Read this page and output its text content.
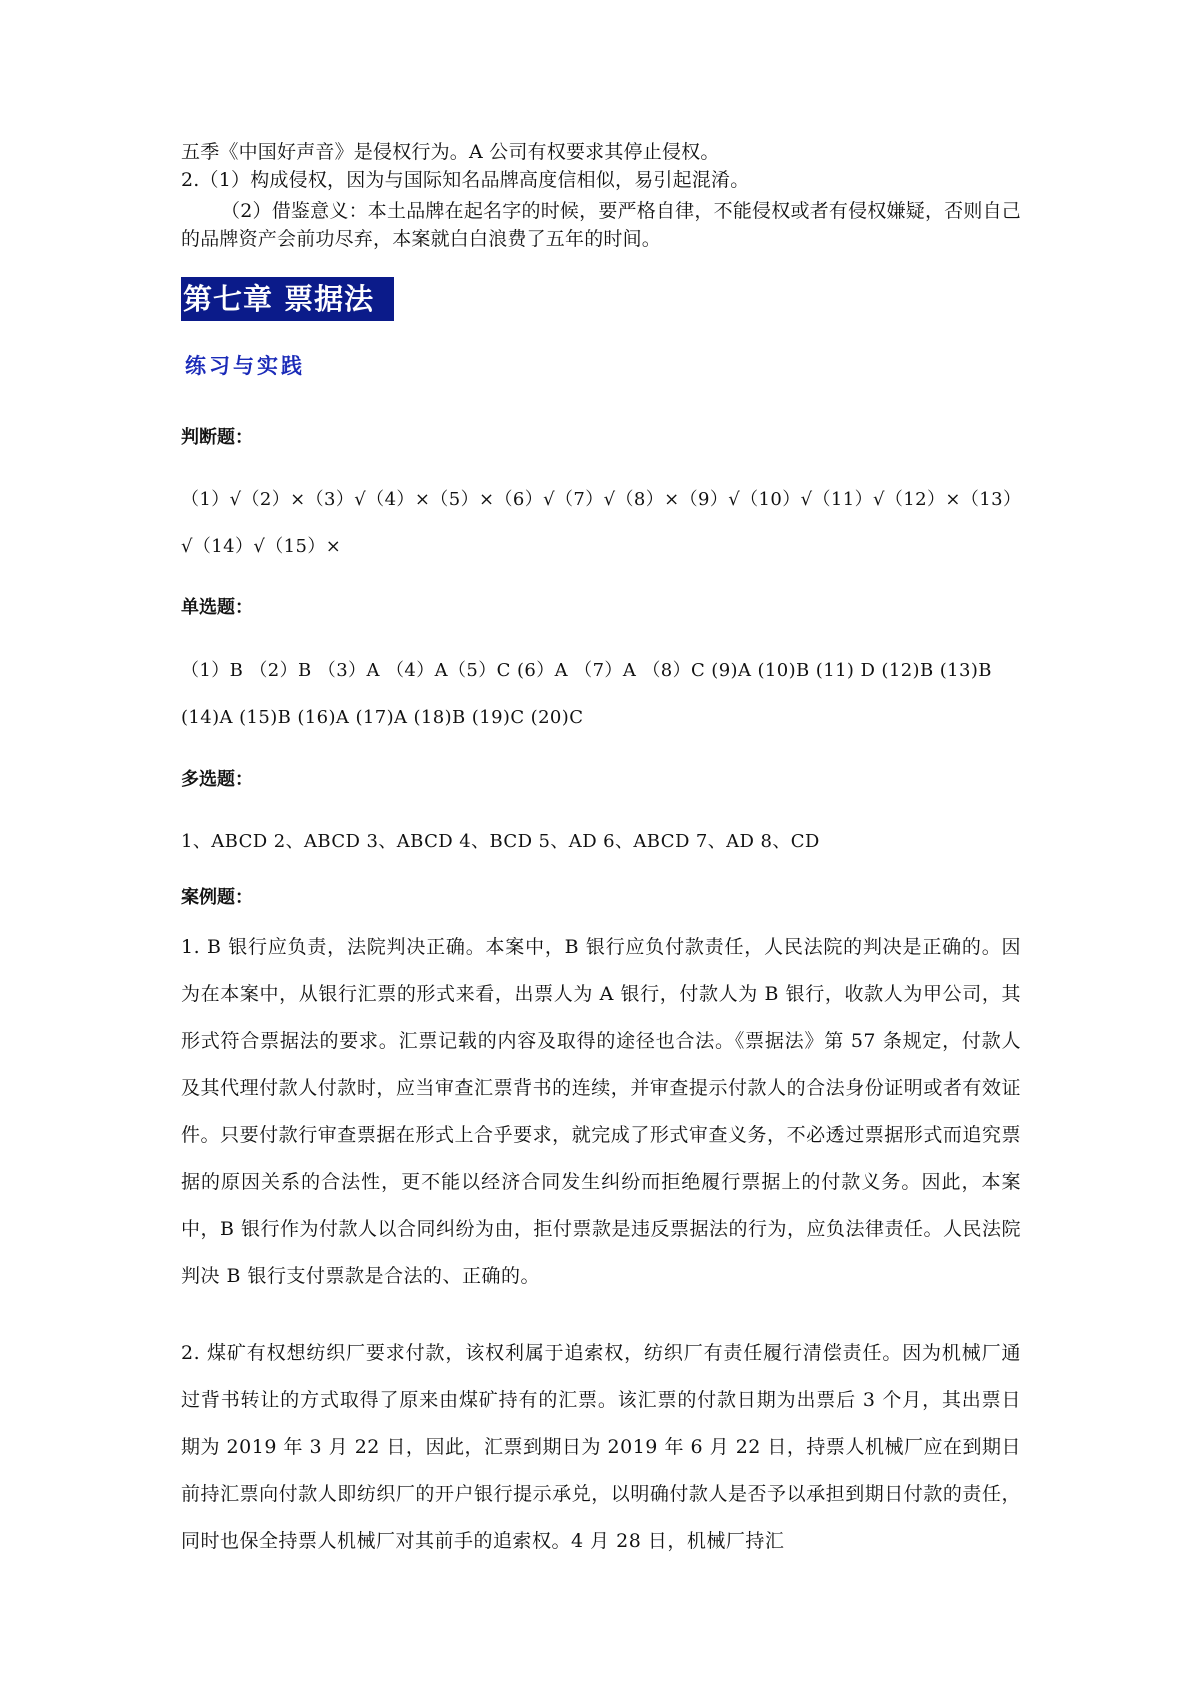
五季《中国好声音》是侵权行为。A 公司有权要求其停止侵权。

2.（1）构成侵权，因为与国际知名品牌高度信相似，易引起混淆。

（2）借鉴意义：本土品牌在起名字的时候，要严格自律，不能侵权或者有侵权嫌疑，否则自己的品牌资产会前功尽弃，本案就白白浪费了五年的时间。

第七章 票据法

练习与实践

判断题：

（1）√（2）×（3）√（4）×（5）×（6）√（7）√（8）×（9）√（10）√（11）√（12）×（13）√（14）√（15）×

单选题：

（1）B （2）B （3）A （4）A（5）C (6）A （7）A （8）C (9)A (10)B (11) D (12)B (13)B (14)A (15)B (16)A (17)A (18)B (19)C (20)C

多选题：

1、ABCD 2、ABCD 3、ABCD 4、BCD 5、AD 6、ABCD 7、AD 8、CD

案例题：

1. B 银行应负责，法院判决正确。本案中，B 银行应负付款责任，人民法院的判决是正确的。因为在本案中，从银行汇票的形式来看，出票人为 A 银行，付款人为 B 银行，收款人为甲公司，其形式符合票据法的要求。汇票记载的内容及取得的途径也合法。《票据法》第 57 条规定，付款人及其代理付款人付款时，应当审查汇票背书的连续，并审查提示付款人的合法身份证明或者有效证件。只要付款行审查票据在形式上合乎要求，就完成了形式审查义务，不必透过票据形式而追究票据的原因关系的合法性，更不能以经济合同发生纠纷而拒绝履行票据上的付款义务。因此，本案中，B 银行作为付款人以合同纠纷为由，拒付票款是违反票据法的行为，应负法律责任。人民法院判决 B 银行支付票款是合法的、正确的。

2. 煤矿有权想纺织厂要求付款，该权利属于追索权，纺织厂有责任履行清偿责任。因为机械厂通过背书转让的方式取得了原来由煤矿持有的汇票。该汇票的付款日期为出票后 3 个月，其出票日期为 2019 年 3 月 22 日，因此，汇票到期日为 2019 年 6 月 22 日，持票人机械厂应在到期日前持汇票向付款人即纺织厂的开户银行提示承兑，以明确付款人是否予以承担到期日付款的责任，同时也保全持票人机械厂对其前手的追索权。4 月 28 日，机械厂持汇
